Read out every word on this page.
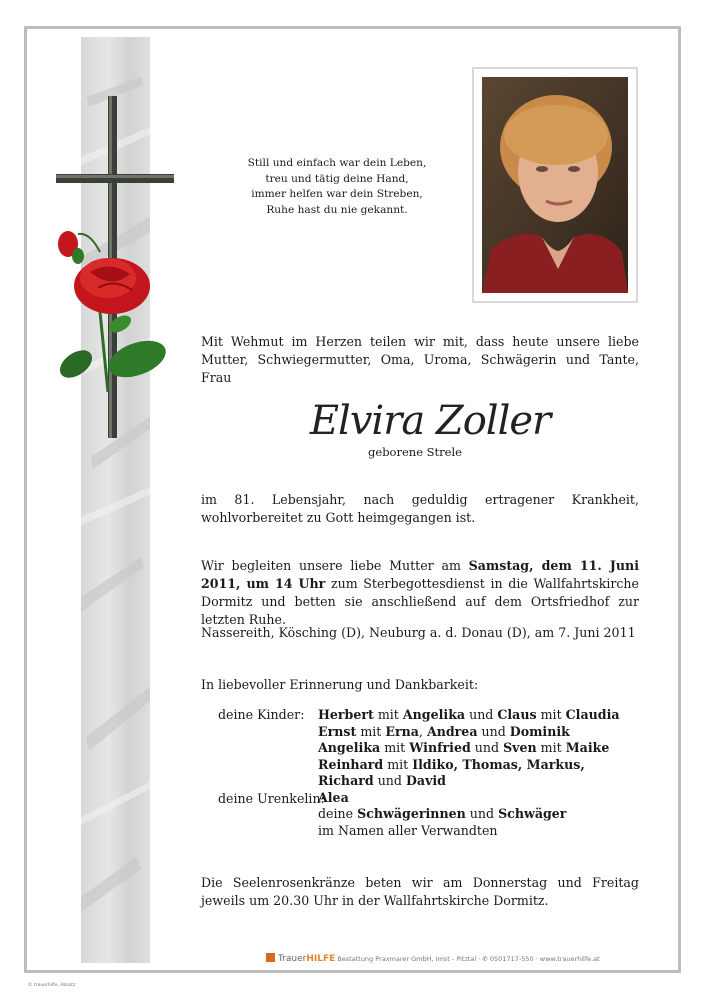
Still und einfach war dein Leben,
treu und tätig deine Hand,
immer helfen war dein Streben,
Ruhe hast du nie gekannt.
Mit Wehmut im Herzen teilen wir mit, dass heute unsere liebe Mutter, Schwiegermutter, Oma, Uroma, Schwägerin und Tante, Frau
Elvira Zoller
geborene Strele
im 81. Lebensjahr, nach geduldig ertragener Krankheit, wohlvorbereitet zu Gott heimgegangen ist.
Wir begleiten unsere liebe Mutter am Samstag, dem 11. Juni 2011, um 14 Uhr zum Sterbegottesdienst in die Wallfahrtskirche Dormitz und betten sie anschließend auf dem Ortsfriedhof zur letzten Ruhe.
Nassereith, Kösching (D), Neuburg a. d. Donau (D), am 7. Juni 2011
In liebevoller Erinnerung und Dankbarkeit:
deine Kinder:
deine Urenkelin:
Herbert mit Angelika und Claus mit Claudia
Ernst mit Erna, Andrea und Dominik
Angelika mit Winfried und Sven mit Maike
Reinhard mit Ildiko, Thomas, Markus,
Richard und David
Alea
deine Schwägerinnen und Schwäger
im Namen aller Verwandten
Die Seelenrosenkränze beten wir am Donnerstag und Freitag jeweils um 20.30 Uhr in der Wallfahrtskirche Dormitz.
TrauerHILFE Bestattung Praxmarer GmbH, Imst - Pitztal · ✆ 0501717-550 · www.trauerhilfe.at
© trauerhilfe, Absatz
